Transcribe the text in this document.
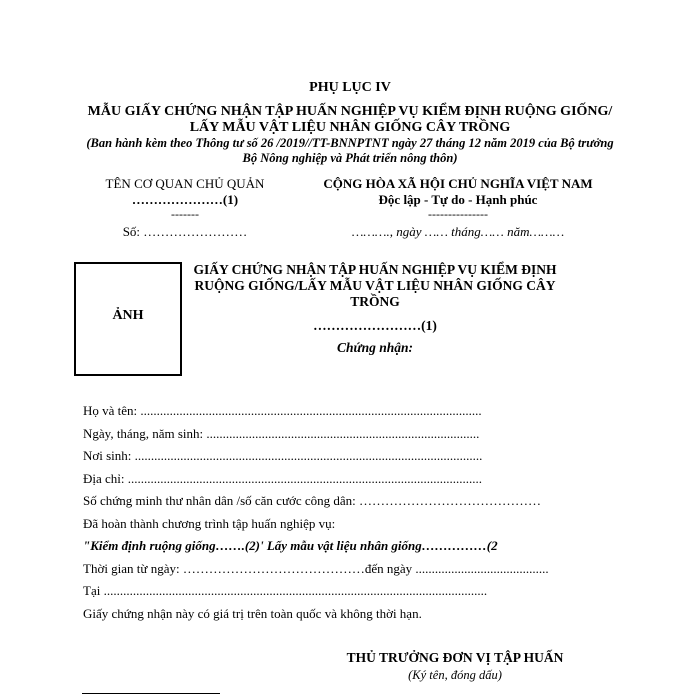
PHỤ LỤC IV
MẪU GIẤY CHỨNG NHẬN TẬP HUẤN NGHIỆP VỤ KIỂM ĐỊNH RUỘNG GIỐNG/ LẤY MẪU VẬT LIỆU NHÂN GIỐNG CÂY TRỒNG
(Ban hành kèm theo Thông tư số 26 /2019//TT-BNNPTNT ngày 27 tháng 12 năm 2019 của Bộ trưởng Bộ Nông nghiệp và Phát triển nông thôn)
TÊN CƠ QUAN CHỦ QUẢN
…………………(1)
-------
Số: ……………………
CỘNG HÒA XÃ HỘI CHỦ NGHĨA VIỆT NAM
Độc lập - Tự do - Hạnh phúc
---------------
………., ngày …… tháng…… năm………
ẢNH
GIẤY CHỨNG NHẬN TẬP HUẤN NGHIỆP VỤ KIỂM ĐỊNH RUỘNG GIỐNG/LẤY MẪU VẬT LIỆU NHÂN GIỐNG CÂY TRỒNG
……………………(1)
Chứng nhận:
Họ và tên: .........................................................................................................
Ngày, tháng, năm sinh: ....................................................................................
Nơi sinh: ...........................................................................................................
Địa chỉ: .............................................................................................................
Số chứng minh thư nhân dân /số căn cước công dân: ……………………………………
Đã hoàn thành chương trình tập huấn nghiệp vụ:
"Kiểm định ruộng giống…….(2)' Lấy mẫu vật liệu nhân giống……………(2
Thời gian từ ngày: ……………………………………đến ngày .........................................
Tại ......................................................................................................................
Giấy chứng nhận này có giá trị trên toàn quốc và không thời hạn.
THỦ TRƯỞNG ĐƠN VỊ TẬP HUẤN
(Ký tên, đóng dấu)
